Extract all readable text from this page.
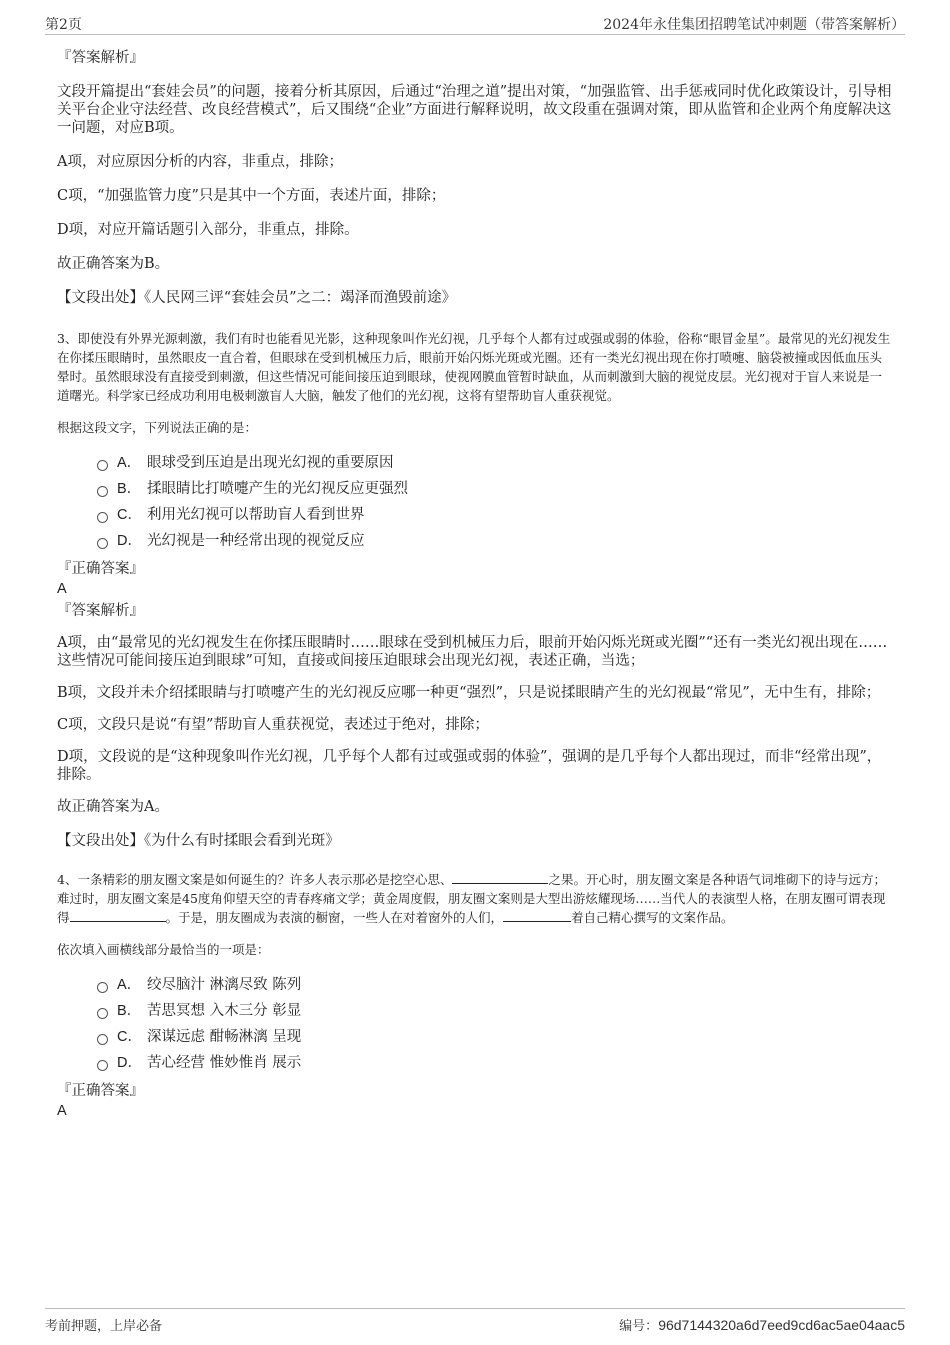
第2页	2024年永佳集团招聘笔试冲刺题（带答案解析）
『答案解析』

文段开篇提出“套娃会员”的问题，接着分析其原因，后通过“治理之道”提出对策，“加强监管、出手惩戒同时优化政策设计，引导相关平台企业守法经营、改良经营模式”，后又围绕“企业”方面进行解释说明，故文段重在强调对策，即从监管和企业两个角度解决这一问题，对应B项。

A项，对应原因分析的内容，非重点，排除；

C项，“加强监管力度”只是其中一个方面，表述片面，排除；

D项，对应开篇话题引入部分，非重点，排除。

故正确答案为B。

【文段出处】《人民网三评“套娃会员”之二：竭泽而渔毁前途》

3、即使没有外界光源刺激，我们有时也能看见光影，这种现象叫作光幻视，几乎每个人都有过或强或弱的体验，俗称“眼冒金星”。最常见的光幻视发生在你揉压眼睛时，虽然眼皮一直合着，但眼球在受到机械压力后，眼前开始闪烁光斑或光圈。还有一类光幻视出现在你打喷嚏、脑袋被撞或因低血压头晕时。虽然眼球没有直接受到刺激，但这些情况可能间接压迫到眼球，使视网膜血管暂时缺血，从而刺激到大脑的视觉皮层。光幻视对于盲人来说是一道曙光。科学家已经成功利用电极刺激盲人大脑，触发了他们的光幻视，这将有望帮助盲人重获视觉。

根据这段文字，下列说法正确的是：

A． 眼球受到压迫是出现光幻视的重要原因
B． 揉眼睛比打喷嚏产生的光幻视反应更强烈
C． 利用光幻视可以帮助盲人看到世界
D． 光幻视是一种经常出现的视觉反应
『正确答案』
A
『答案解析』

A项，由“最常见的光幻视发生在你揉压眼睛时……眼球在受到机械压力后，眼前开始闪烁光斑或光圈”“还有一类光幻视出现在……这些情况可能间接压迫到眼球”可知，直接或间接压迫眼球会出现光幻视，表述正确，当选；

B项，文段并未介绍揉眼睛与打喷嚏产生的光幻视反应哪一种更“强烈”，只是说揉眼睛产生的光幻视最“常见”，无中生有，排除；

C项，文段只是说“有望”帮助盲人重获视觉，表述过于绝对，排除；

D项，文段说的是“这种现象叫作光幻视，几乎每个人都有过或强或弱的体验”，强调的是几乎每个人都出现过，而非“经常出现”，排除。

故正确答案为A。

【文段出处】《为什么有时揉眼会看到光斑》

4、一条精彩的朋友圈文案是如何诞生的？许多人表示那必是挖空心思、	之果。开心时，朋友圈文案是各种语气词堆砌下的诗与远方；难过时，朋友圈文案是45度角仰望天空的青春疼痛文学；黄金周度假，朋友圈文案则是大型出游炫耀现场……当代人的表演型人格，在朋友圈可谓表现得	。于是，朋友圈成为表演的橱窗，一些人在对着窗外的人们，	着自己精心撰写的文案作品。

依次填入画横线部分最恰当的一项是：

A． 绞尽脑汁 淋漓尽致 陈列
B． 苦思冥想 入木三分 彰显
C． 深谋远虑 酣畅淋漓 呈现
D． 苦心经营 惟妙惟肖 展示
『正确答案』
A
考前押题，上岸必备	编号：96d7144320a6d7eed9cd6ac5ae04aac5
